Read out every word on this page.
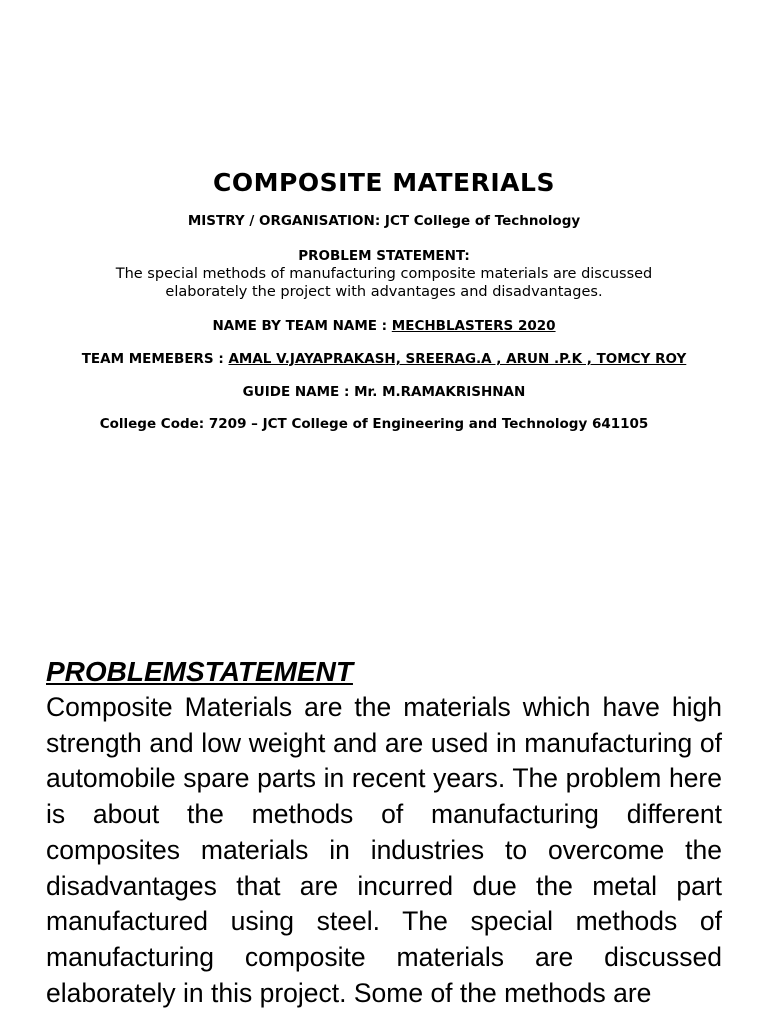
COMPOSITE MATERIALS
MISTRY / ORGANISATION: JCT College of Technology
PROBLEM STATEMENT:
The special methods of manufacturing composite materials are discussed
elaborately the project with advantages and disadvantages.
NAME BY TEAM NAME : MECHBLASTERS 2020
TEAM MEMEBERS : AMAL V.JAYAPRAKASH, SREERAG.A , ARUN .P.K , TOMCY ROY
GUIDE NAME : Mr. M.RAMAKRISHNAN
College Code: 7209 – JCT College of Engineering and Technology 641105

PROBLEMSTATEMENT

Composite Materials are the materials which have high strength and low weight and are used in manufacturing of automobile spare parts in recent years. The problem here is about the methods of manufacturing different composites materials in industries to overcome the disadvantages that are incurred due the metal part manufactured using steel. The special methods of manufacturing composite materials are discussed elaborately in this project. Some of the methods are
